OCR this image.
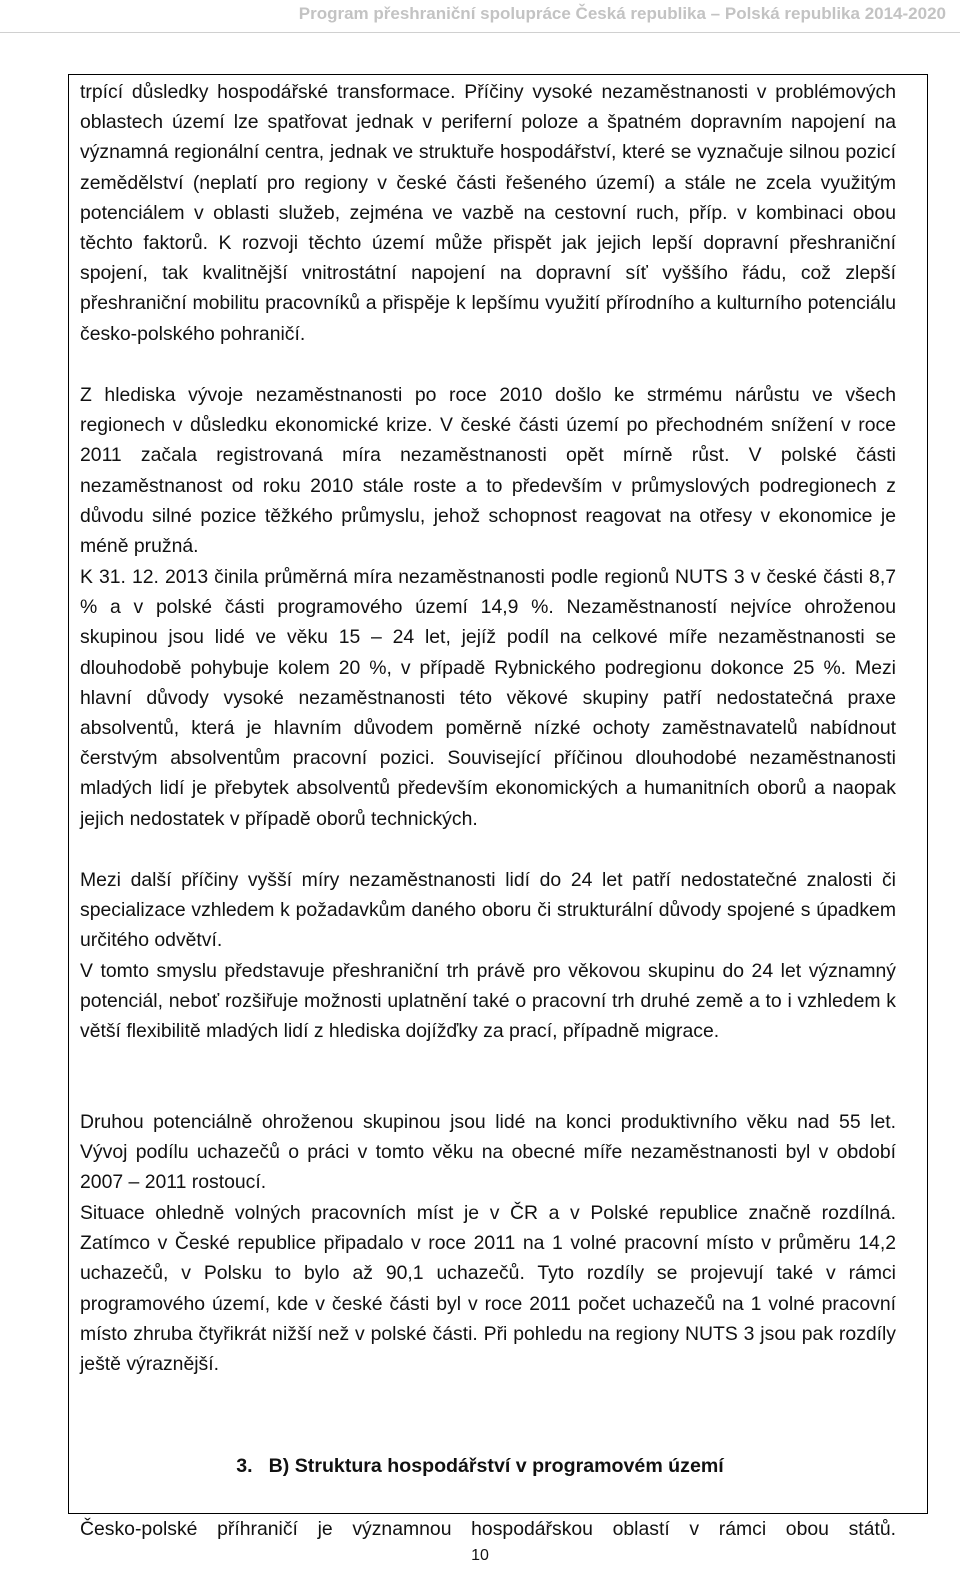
Program přeshraniční spolupráce Česká republika – Polská republika 2014-2020

trpící důsledky hospodářské transformace. Příčiny vysoké nezaměstnanosti v problémových oblastech území lze spatřovat jednak v periferní poloze a špatném dopravním napojení na významná regionální centra, jednak ve struktuře hospodářství, které se vyznačuje silnou pozicí zemědělství (neplatí pro regiony v české části řešeného území) a stále ne zcela využitým potenciálem v oblasti služeb, zejména ve vazbě na cestovní ruch, příp. v kombinaci obou těchto faktorů. K rozvoji těchto území může přispět jak jejich lepší dopravní přeshraniční spojení, tak kvalitnější vnitrostátní napojení na dopravní síť vyššího řádu, což zlepší přeshraniční mobilitu pracovníků a přispěje k lepšímu využití přírodního a kulturního potenciálu česko-polského pohraničí.

Z hlediska vývoje nezaměstnanosti po roce 2010 došlo ke strmému nárůstu ve všech regionech v důsledku ekonomické krize. V české části území po přechodném snížení v roce 2011 začala registrovaná míra nezaměstnanosti opět mírně růst. V polské části nezaměstnanost od roku 2010 stále roste a to především v průmyslových podregionech z důvodu silné pozice těžkého průmyslu, jehož schopnost reagovat na otřesy v ekonomice je méně pružná.

K 31. 12. 2013 činila průměrná míra nezaměstnanosti podle regionů NUTS 3 v české části 8,7 % a v polské části programového území 14,9 %. Nezaměstnaností nejvíce ohroženou skupinou jsou lidé ve věku 15 – 24 let, jejíž podíl na celkové míře nezaměstnanosti se dlouhodobě pohybuje kolem 20 %, v případě Rybnického podregionu dokonce 25 %. Mezi hlavní důvody vysoké nezaměstnanosti této věkové skupiny patří nedostatečná praxe absolventů, která je hlavním důvodem poměrně nízké ochoty zaměstnavatelů nabídnout čerstvým absolventům pracovní pozici. Související příčinou dlouhodobé nezaměstnanosti mladých lidí je přebytek absolventů především ekonomických a humanitních oborů a naopak jejich nedostatek v případě oborů technických.

Mezi další příčiny vyšší míry nezaměstnanosti lidí do 24 let patří nedostatečné znalosti či specializace vzhledem k požadavkům daného oboru či strukturální důvody spojené s úpadkem určitého odvětví.

V tomto smyslu představuje přeshraniční trh právě pro věkovou skupinu do 24 let významný potenciál, neboť rozšiřuje možnosti uplatnění také o pracovní trh druhé země a to i vzhledem k větší flexibilitě mladých lidí z hlediska dojížďky za prací, případně migrace.

Druhou potenciálně ohroženou skupinou jsou lidé na konci produktivního věku nad 55 let. Vývoj podílu uchazečů o práci v tomto věku na obecné míře nezaměstnanosti byl v období 2007 – 2011 rostoucí.

Situace ohledně volných pracovních míst je v ČR a v Polské republice značně rozdílná. Zatímco v České republice připadalo v roce 2011 na 1 volné pracovní místo v průměru 14,2 uchazečů, v Polsku to bylo až 90,1 uchazečů. Tyto rozdíly se projevují také v rámci programového území, kde v české části byl v roce 2011 počet uchazečů na 1 volné pracovní místo zhruba čtyřikrát nižší než v polské části. Při pohledu na regiony NUTS 3 jsou pak rozdíly ještě výraznější.

3. B) Struktura hospodářství v programovém území
Česko-polské příhraničí je významnou hospodářskou oblastí v rámci obou států.
10
